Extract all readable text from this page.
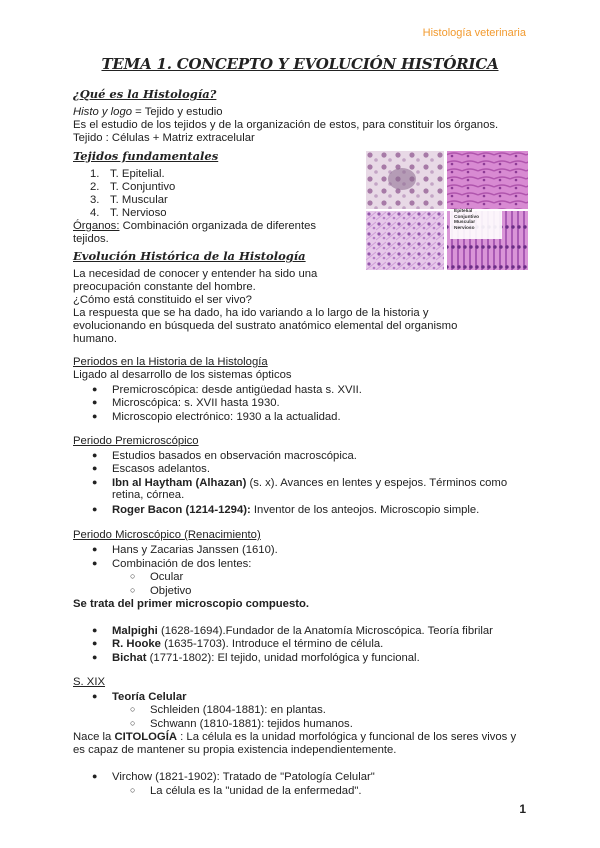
Histología veterinaria
TEMA 1. CONCEPTO Y EVOLUCIÓN HISTÓRICA
¿Qué es la Histología?
Histo y logo = Tejido y estudio
Es el estudio de los tejidos y de la organización de estos, para constituir los órganos.
Tejido : Células + Matriz extracelular
Tejidos fundamentales
1. T. Epitelial.
2. T. Conjuntivo
3. T. Muscular
4. T. Nervioso
Órganos: Combinación organizada de diferentes
tejidos.
Epitelial
Conjuntivo
Muscular
Nervioso
Evolución Histórica de la Histología
La necesidad de conocer y entender ha sido una
preocupación constante del hombre.
¿Cómo está constituido el ser vivo?
La respuesta que se ha dado, ha ido variando a lo largo de la historia y
evolucionando en búsqueda del sustrato anatómico elemental del organismo
humano.
Periodos en la Historia de la Histología
Ligado al desarrollo de los sistemas ópticos
● Premicroscópica: desde antigüedad hasta s. XVII.
● Microscópica: s. XVII hasta 1930.
● Microscopio electrónico: 1930 a la actualidad.
Periodo Premicroscópico
● Estudios basados en observación macroscópica.
● Escasos adelantos.
● Ibn al Haytham (Alhazan) (s. x). Avances en lentes y espejos. Términos como
retina, córnea.
● Roger Bacon (1214-1294): Inventor de los anteojos. Microscopio simple.
Periodo Microscópico (Renacimiento)
● Hans y Zacarias Janssen (1610).
● Combinación de dos lentes:
○ Ocular
○ Objetivo
Se trata del primer microscopio compuesto.
● Malpighi (1628-1694).Fundador de la Anatomía Microscópica. Teoría fibrilar
● R. Hooke (1635-1703). Introduce el término de célula.
● Bichat (1771-1802): El tejido, unidad morfológica y funcional.
S. XIX
● Teoría Celular
○ Schleiden (1804-1881): en plantas.
○ Schwann (1810-1881): tejidos humanos.
Nace la CITOLOGÍA : La célula es la unidad morfológica y funcional de los seres vivos y
es capaz de mantener su propia existencia independientemente.
● Virchow (1821-1902): Tratado de "Patología Celular"
○ La célula es la "unidad de la enfermedad".
1
